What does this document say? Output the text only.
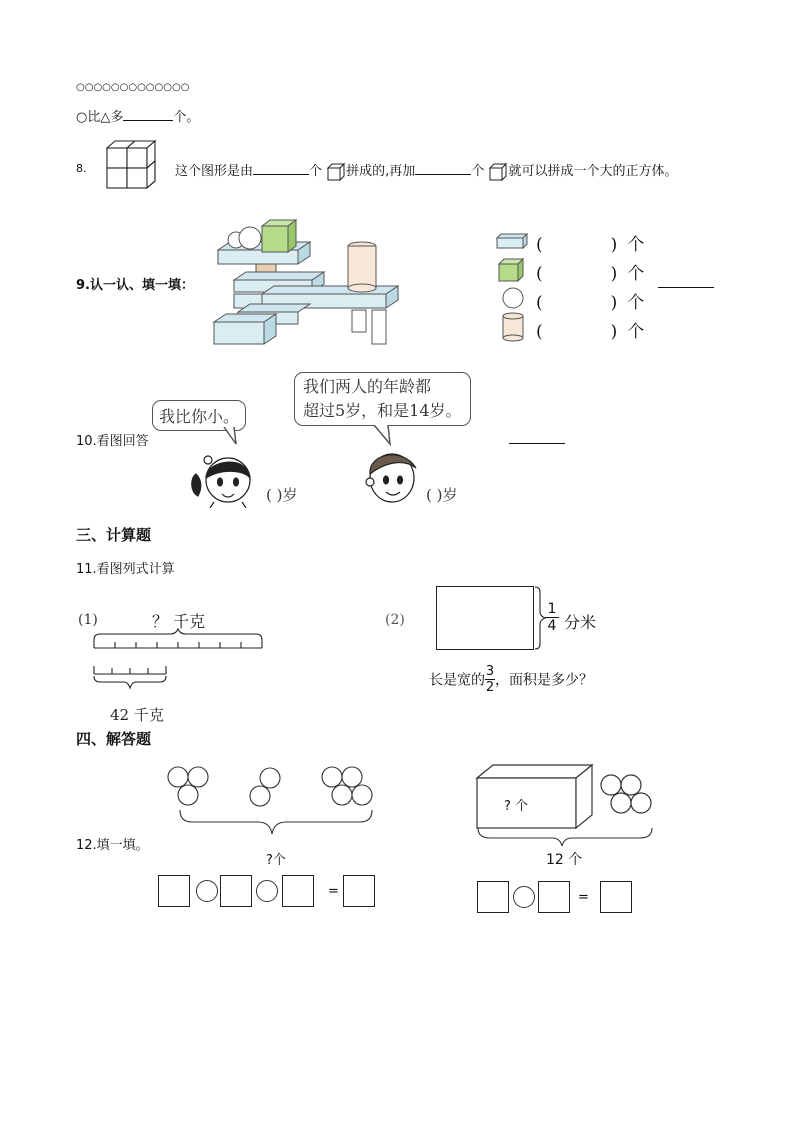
○○○○○○○○○○○○○
○比△多	个。
8.	这个图形是由	个 拼成的,再加	个 就可以拼成一个大的正方体。
9.认一认、填一填：
(	) 个
(	) 个
(	) 个
(	) 个
10.看图回答
我比你小。
我们两人的年龄都
超过5岁，和是14岁。
( )岁	( )岁
三、计算题
11.看图列式计算
(1)	？ 千克
42 千克
(2)	$\frac{1}{4}$ 分米
长是宽的 $\frac{3}{2}$ ，面积是多少？
四、解答题
12.填一填。
?个
=
? 个
12 个
=
